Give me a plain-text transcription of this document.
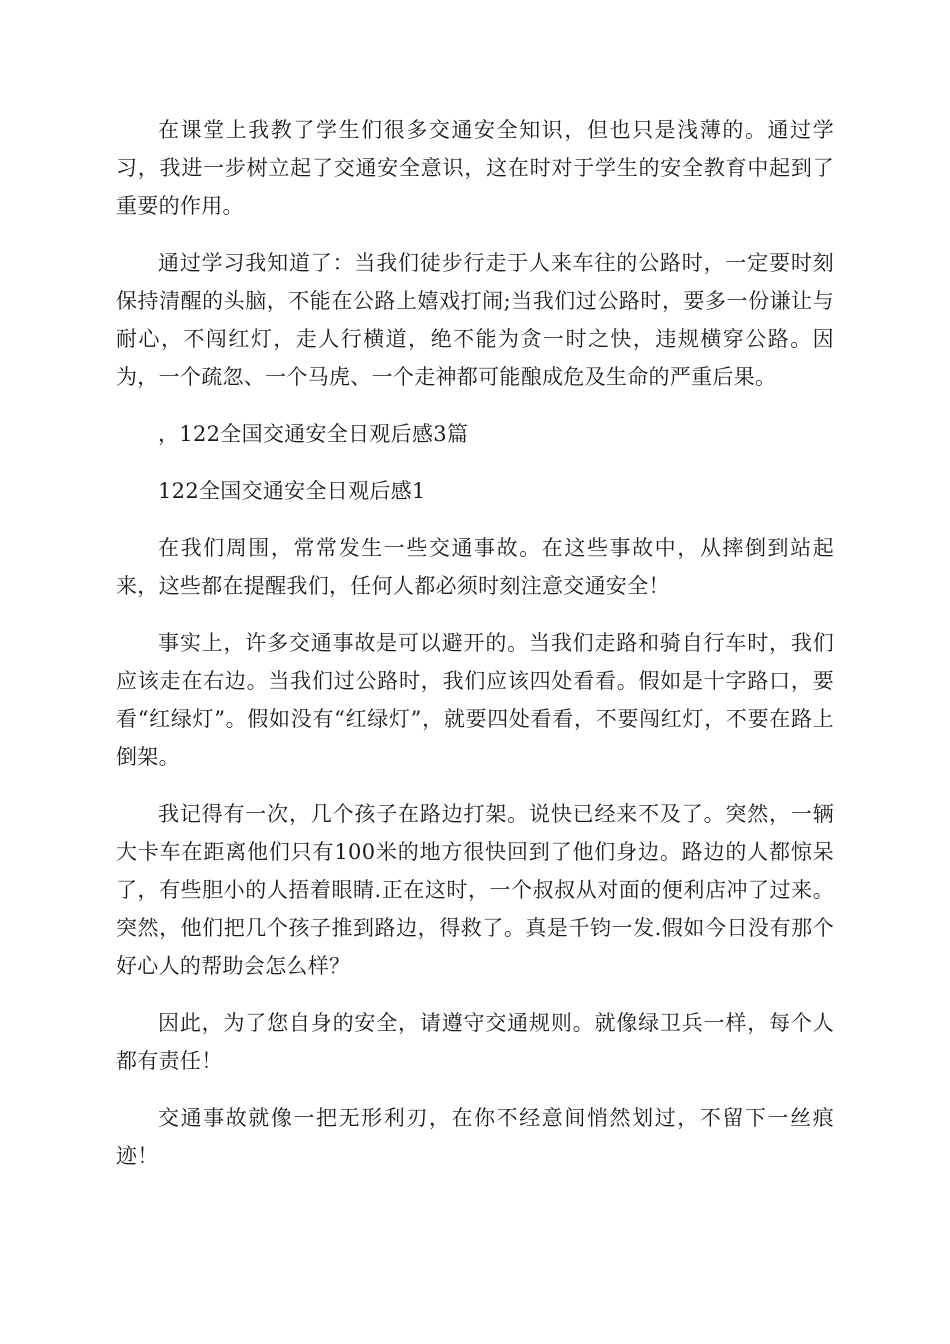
在课堂上我教了学生们很多交通安全知识，但也只是浅薄的。通过学习，我进一步树立起了交通安全意识，这在时对于学生的安全教育中起到了重要的作用。

通过学习我知道了：当我们徒步行走于人来车往的公路时，一定要时刻保持清醒的头脑，不能在公路上嬉戏打闹;当我们过公路时，要多一份谦让与耐心，不闯红灯，走人行横道，绝不能为贪一时之快，违规横穿公路。因为，一个疏忽、一个马虎、一个走神都可能酿成危及生命的严重后果。

，122全国交通安全日观后感3篇

122全国交通安全日观后感1

在我们周围，常常发生一些交通事故。在这些事故中，从摔倒到站起来，这些都在提醒我们，任何人都必须时刻注意交通安全！

事实上，许多交通事故是可以避开的。当我们走路和骑自行车时，我们应该走在右边。当我们过公路时，我们应该四处看看。假如是十字路口，要看“红绿灯”。假如没有“红绿灯”，就要四处看看，不要闯红灯，不要在路上倒架。

我记得有一次，几个孩子在路边打架。说快已经来不及了。突然，一辆大卡车在距离他们只有100米的地方很快回到了他们身边。路边的人都惊呆了，有些胆小的人捂着眼睛.正在这时，一个叔叔从对面的便利店冲了过来。突然，他们把几个孩子推到路边，得救了。真是千钧一发.假如今日没有那个好心人的帮助会怎么样？

因此，为了您自身的安全，请遵守交通规则。就像绿卫兵一样，每个人都有责任！

交通事故就像一把无形利刃，在你不经意间悄然划过，不留下一丝痕迹！
